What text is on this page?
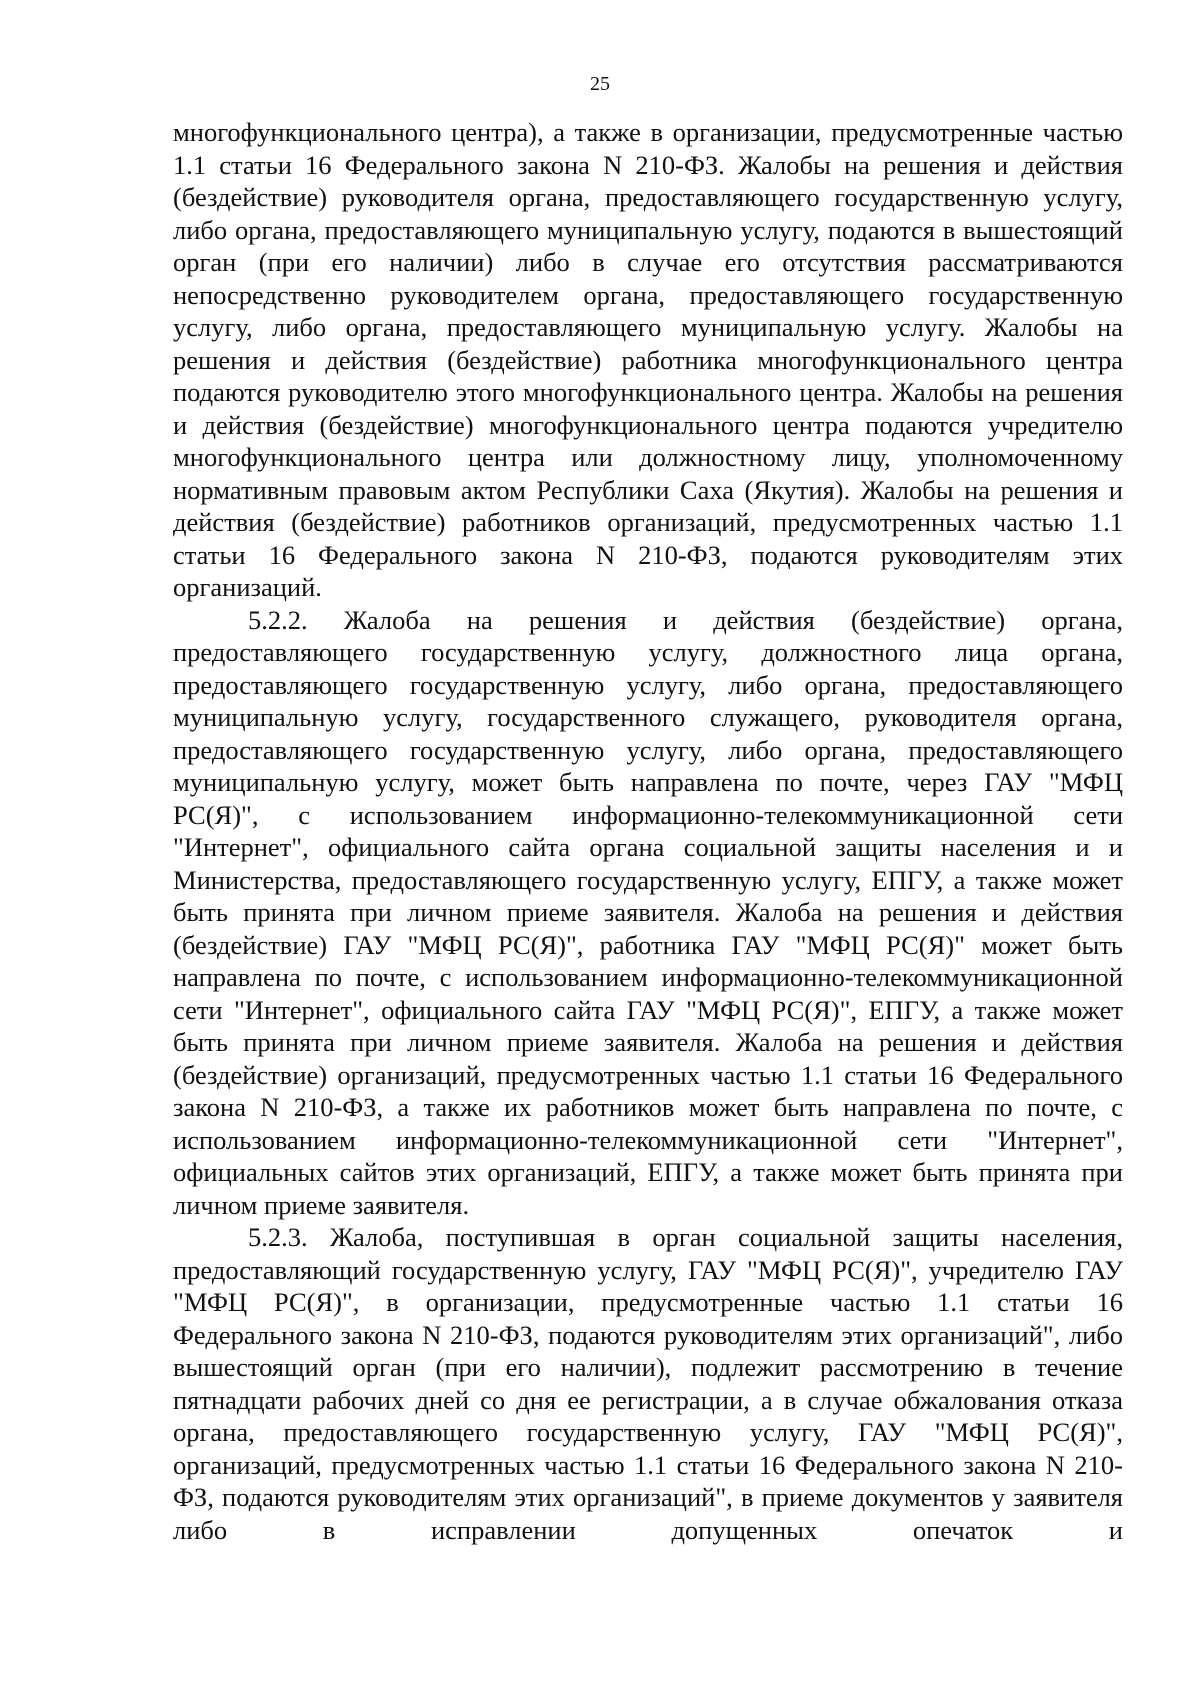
25

многофункционального центра), а также в организации, предусмотренные частью 1.1 статьи 16 Федерального закона N 210-ФЗ. Жалобы на решения и действия (бездействие) руководителя органа, предоставляющего государственную услугу, либо органа, предоставляющего муниципальную услугу, подаются в вышестоящий орган (при его наличии) либо в случае его отсутствия рассматриваются непосредственно руководителем органа, предоставляющего государственную услугу, либо органа, предоставляющего муниципальную услугу. Жалобы на решения и действия (бездействие) работника многофункционального центра подаются руководителю этого многофункционального центра. Жалобы на решения и действия (бездействие) многофункционального центра подаются учредителю многофункционального центра или должностному лицу, уполномоченному нормативным правовым актом Республики Саха (Якутия). Жалобы на решения и действия (бездействие) работников организаций, предусмотренных частью 1.1 статьи 16 Федерального закона N 210-ФЗ, подаются руководителям этих организаций.

5.2.2. Жалоба на решения и действия (бездействие) органа, предоставляющего государственную услугу, должностного лица органа, предоставляющего государственную услугу, либо органа, предоставляющего муниципальную услугу, государственного служащего, руководителя органа, предоставляющего государственную услугу, либо органа, предоставляющего муниципальную услугу, может быть направлена по почте, через ГАУ "МФЦ РС(Я)", с использованием информационно-телекоммуникационной сети "Интернет", официального сайта органа социальной защиты населения и и Министерства, предоставляющего государственную услугу, ЕПГУ, а также может быть принята при личном приеме заявителя. Жалоба на решения и действия (бездействие) ГАУ "МФЦ РС(Я)", работника ГАУ "МФЦ РС(Я)" может быть направлена по почте, с использованием информационно-телекоммуникационной сети "Интернет", официального сайта ГАУ "МФЦ РС(Я)", ЕПГУ, а также может быть принята при личном приеме заявителя. Жалоба на решения и действия (бездействие) организаций, предусмотренных частью 1.1 статьи 16 Федерального закона N 210-ФЗ, а также их работников может быть направлена по почте, с использованием информационно-телекоммуникационной сети "Интернет", официальных сайтов этих организаций, ЕПГУ, а также может быть принята при личном приеме заявителя.

5.2.3. Жалоба, поступившая в орган социальной защиты населения, предоставляющий государственную услугу, ГАУ "МФЦ РС(Я)", учредителю ГАУ "МФЦ РС(Я)", в организации, предусмотренные частью 1.1 статьи 16 Федерального закона N 210-ФЗ, подаются руководителям этих организаций", либо вышестоящий орган (при его наличии), подлежит рассмотрению в течение пятнадцати рабочих дней со дня ее регистрации, а в случае обжалования отказа органа, предоставляющего государственную услугу, ГАУ "МФЦ РС(Я)", организаций, предусмотренных частью 1.1 статьи 16 Федерального закона N 210-ФЗ, подаются руководителям этих организаций", в приеме документов у заявителя либо в исправлении допущенных опечаток и
